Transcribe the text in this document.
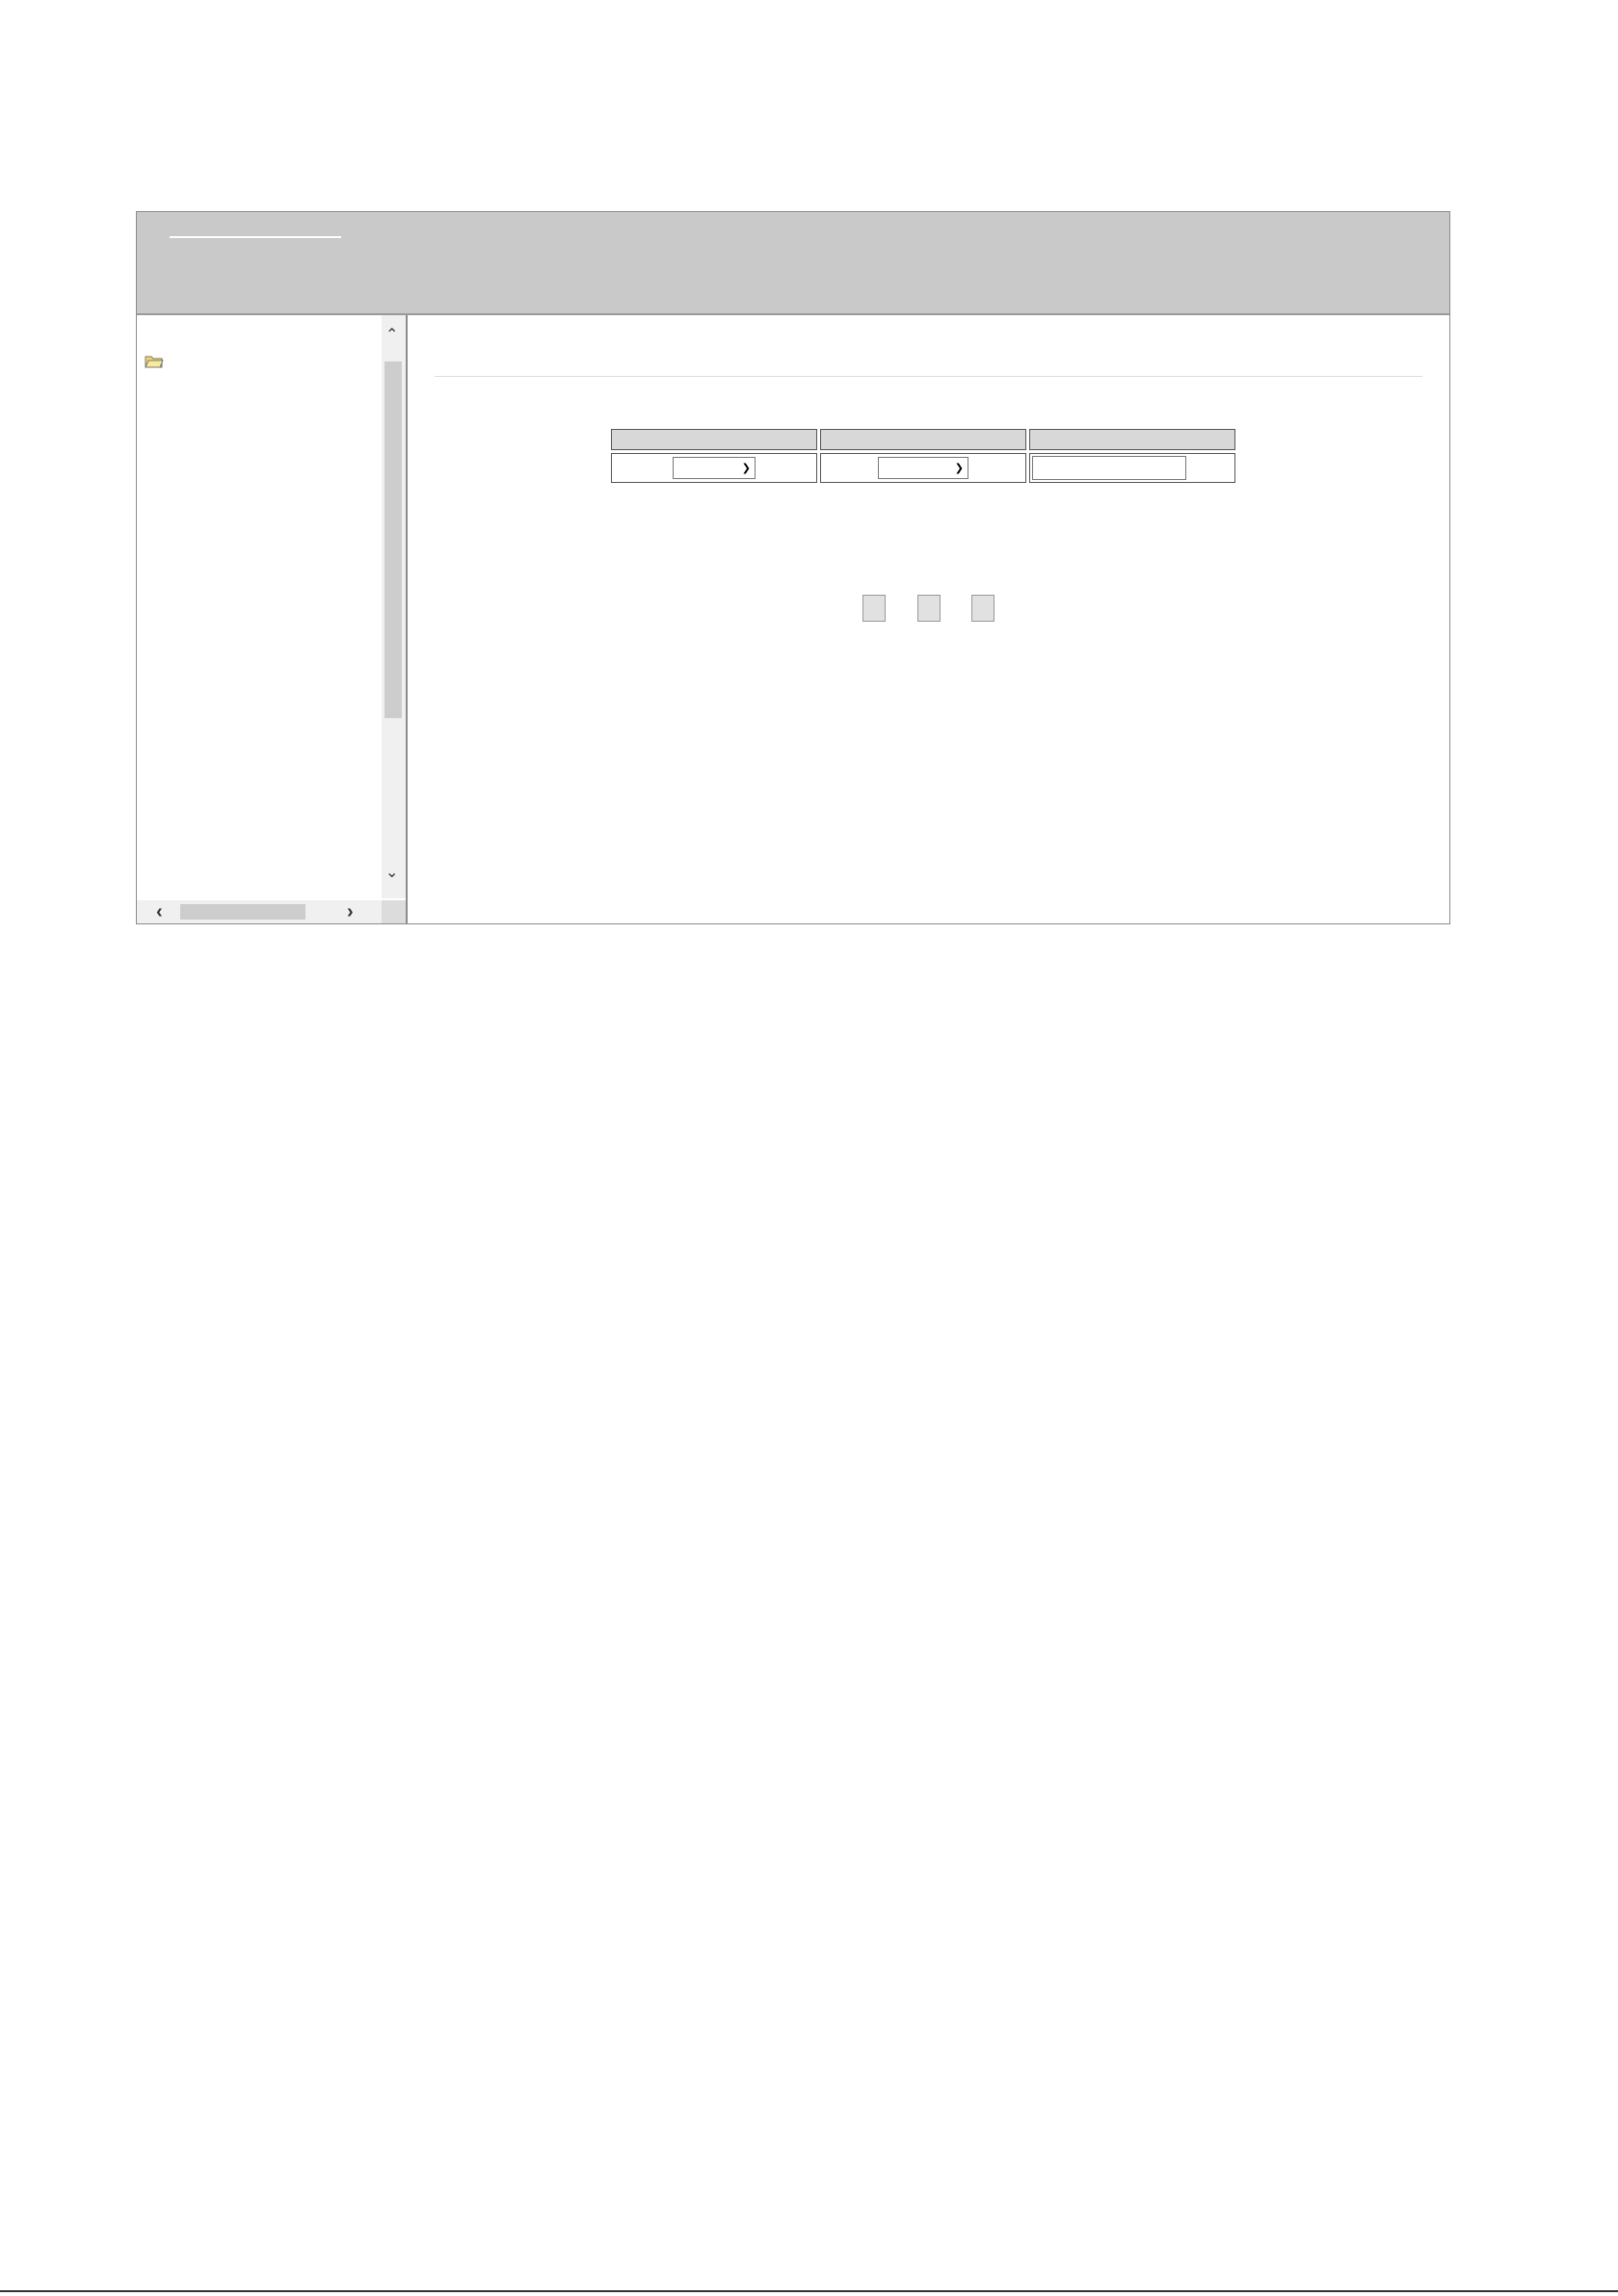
⌃
⌄
‹	›

❯	❯
